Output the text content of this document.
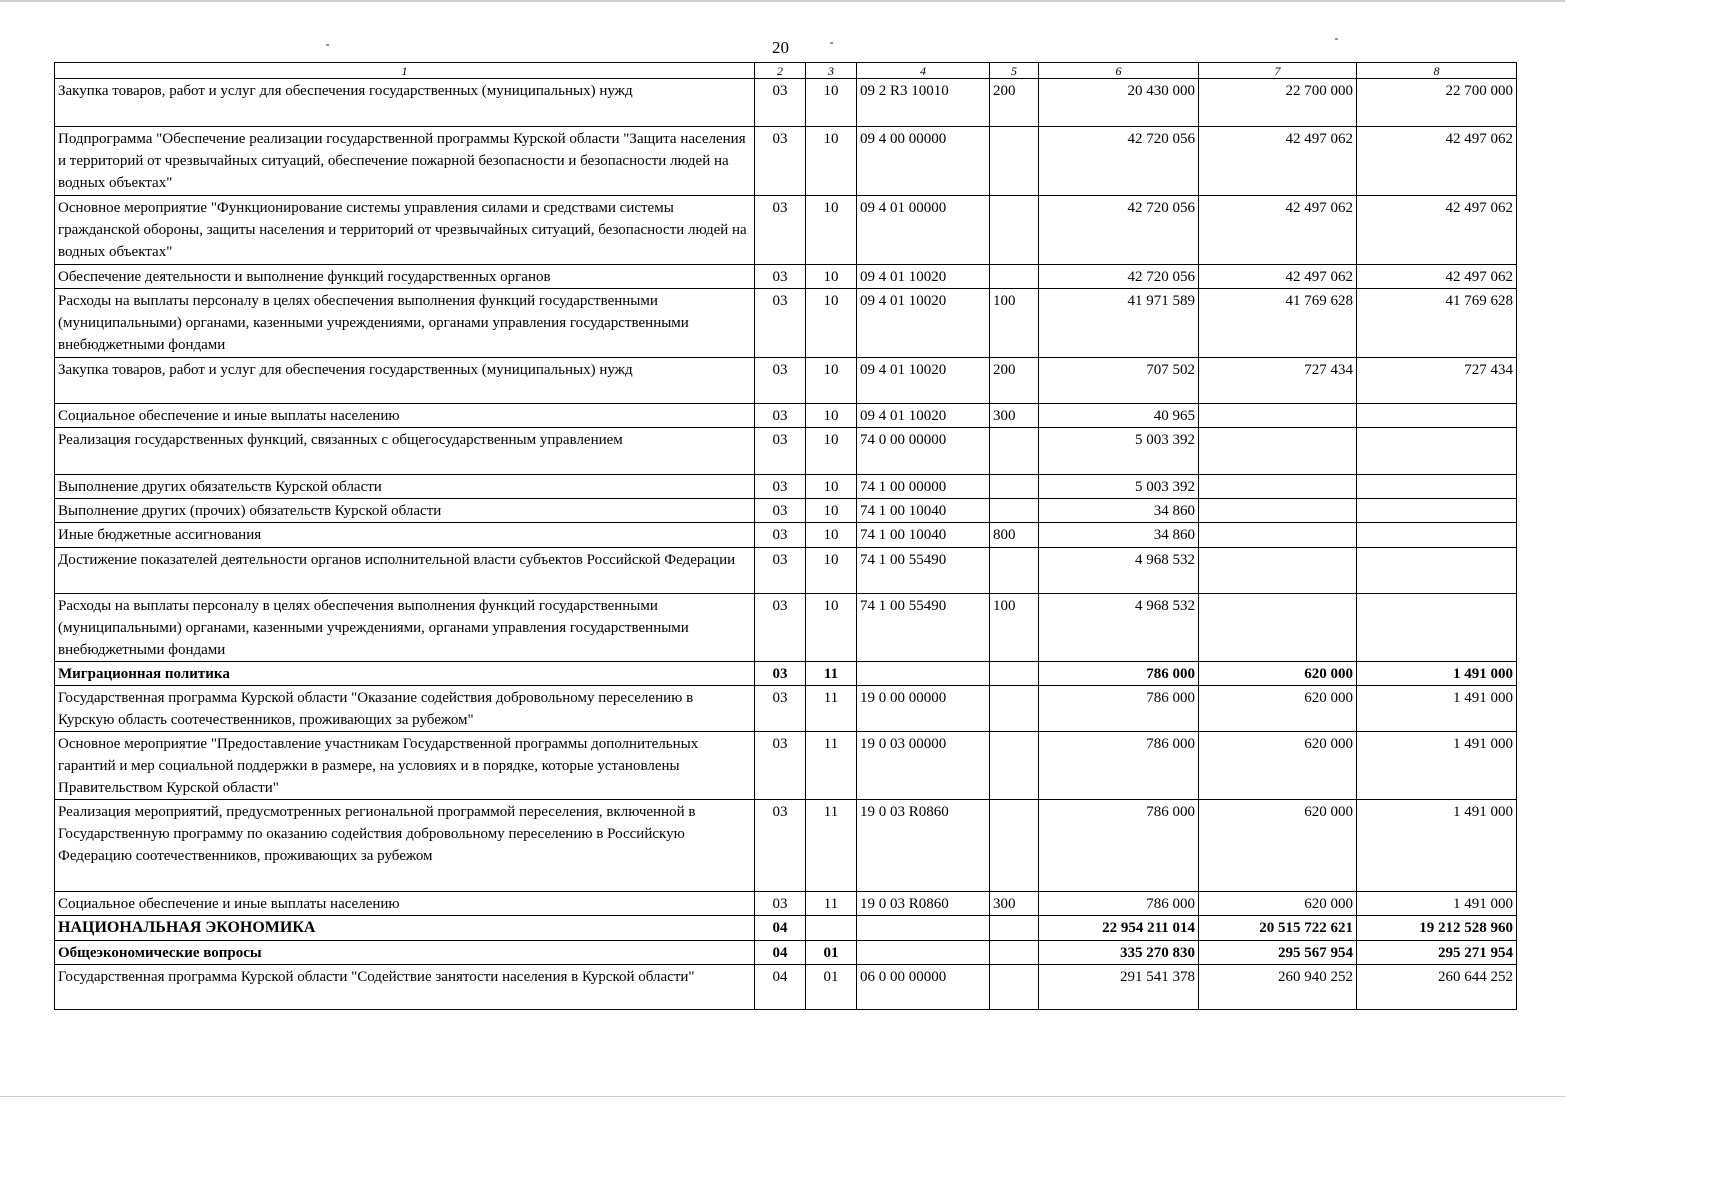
20
1	2	3	4	5	6	7	8
Закупка товаров, работ и услуг для обеспечения государственных (муниципальных) нужд	03	10	09 2 R3 10010	200	20 430 000	22 700 000	22 700 000
Подпрограмма "Обеспечение реализации государственной программы Курской области "Защита населения и территорий от чрезвычайных ситуаций, обеспечение пожарной безопасности и безопасности людей на водных объектах"	03	10	09 4 00 00000		42 720 056	42 497 062	42 497 062
Основное мероприятие "Функционирование системы управления силами и средствами системы гражданской обороны, защиты населения и территорий от чрезвычайных ситуаций, безопасности людей на водных объектах"	03	10	09 4 01 00000		42 720 056	42 497 062	42 497 062
Обеспечение деятельности и выполнение функций государственных органов	03	10	09 4 01 10020		42 720 056	42 497 062	42 497 062
Расходы на выплаты персоналу в целях обеспечения выполнения функций государственными (муниципальными) органами, казенными учреждениями, органами управления государственными внебюджетными фондами	03	10	09 4 01 10020	100	41 971 589	41 769 628	41 769 628
Закупка товаров, работ и услуг для обеспечения государственных (муниципальных) нужд	03	10	09 4 01 10020	200	707 502	727 434	727 434
Социальное обеспечение и иные выплаты населению	03	10	09 4 01 10020	300	40 965		
Реализация государственных функций, связанных с общегосударственным управлением	03	10	74 0 00 00000		5 003 392		
Выполнение других обязательств Курской области	03	10	74 1 00 00000		5 003 392		
Выполнение других (прочих) обязательств Курской области	03	10	74 1 00 10040		34 860		
Иные бюджетные ассигнования	03	10	74 1 00 10040	800	34 860		
Достижение показателей деятельности органов исполнительной власти субъектов Российской Федерации	03	10	74 1 00 55490		4 968 532		
Расходы на выплаты персоналу в целях обеспечения выполнения функций государственными (муниципальными) органами, казенными учреждениями, органами управления государственными внебюджетными фондами	03	10	74 1 00 55490	100	4 968 532		
Миграционная политика	03	11			786 000	620 000	1 491 000
Государственная программа Курской области "Оказание содействия добровольному переселению в Курскую область соотечественников, проживающих за рубежом"	03	11	19 0 00 00000		786 000	620 000	1 491 000
Основное мероприятие "Предоставление участникам Государственной программы дополнительных гарантий и мер социальной поддержки в размере, на условиях и в порядке, которые установлены Правительством Курской области"	03	11	19 0 03 00000		786 000	620 000	1 491 000
Реализация мероприятий, предусмотренных региональной программой переселения, включенной в Государственную программу по оказанию содействия добровольному переселению в Российскую Федерацию соотечественников, проживающих за рубежом	03	11	19 0 03 R0860		786 000	620 000	1 491 000
Социальное обеспечение и иные выплаты населению	03	11	19 0 03 R0860	300	786 000	620 000	1 491 000
НАЦИОНАЛЬНАЯ ЭКОНОМИКА	04				22 954 211 014	20 515 722 621	19 212 528 960
Общеэкономические вопросы	04	01			335 270 830	295 567 954	295 271 954
Государственная программа Курской области "Содействие занятости населения в Курской области"	04	01	06 0 00 00000		291 541 378	260 940 252	260 644 252
